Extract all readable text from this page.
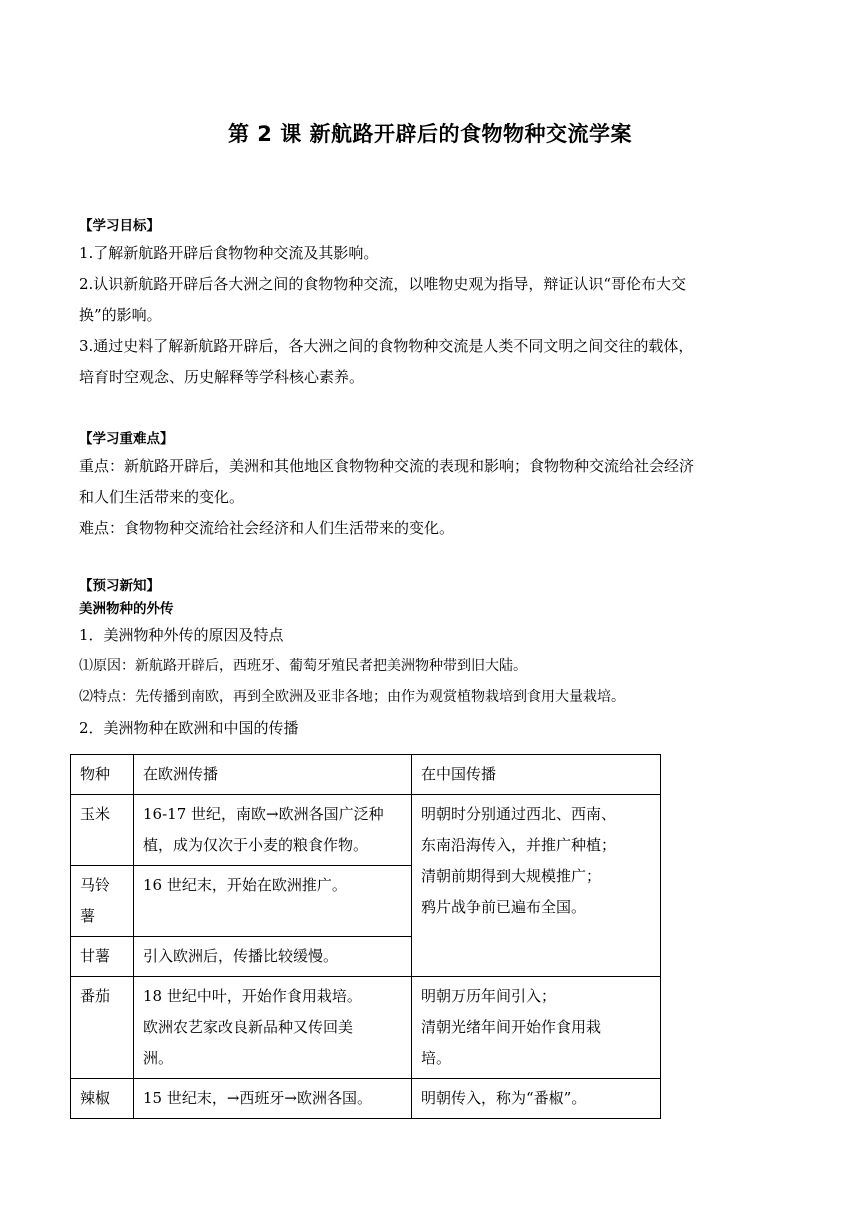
第 2 课 新航路开辟后的食物物种交流学案
【学习目标】
1.了解新航路开辟后食物物种交流及其影响。
2.认识新航路开辟后各大洲之间的食物物种交流，以唯物史观为指导，辩证认识“哥伦布大交
换”的影响。
3.通过史料了解新航路开辟后，各大洲之间的食物物种交流是人类不同文明之间交往的载体，
培育时空观念、历史解释等学科核心素养。
【学习重难点】
重点：新航路开辟后，美洲和其他地区食物物种交流的表现和影响；食物物种交流给社会经济
和人们生活带来的变化。
难点：食物物种交流给社会经济和人们生活带来的变化。
【预习新知】
美洲物种的外传
1．美洲物种外传的原因及特点
⑴原因：新航路开辟后，西班牙、葡萄牙殖民者把美洲物种带到旧大陆。
⑵特点：先传播到南欧，再到全欧洲及亚非各地；由作为观赏植物栽培到食用大量栽培。
2．美洲物种在欧洲和中国的传播
物种	在欧洲传播	在中国传播
玉米	16-17 世纪，南欧→欧洲各国广泛种
植，成为仅次于小麦的粮食作物。	明朝时分别通过西北、西南、
东南沿海传入，并推广种植；
清朝前期得到大规模推广；
鸦片战争前已遍布全国。

马铃
薯	16 世纪末，开始在欧洲推广。	

甘薯	引入欧洲后，传播比较缓慢。	

番茄	18 世纪中叶，开始作食用栽培。
欧洲农艺家改良新品种又传回美
洲。	明朝万历年间引入；
清朝光绪年间开始作食用栽
培。

辣椒	15 世纪末，→西班牙→欧洲各国。	明朝传入，称为“番椒”。
